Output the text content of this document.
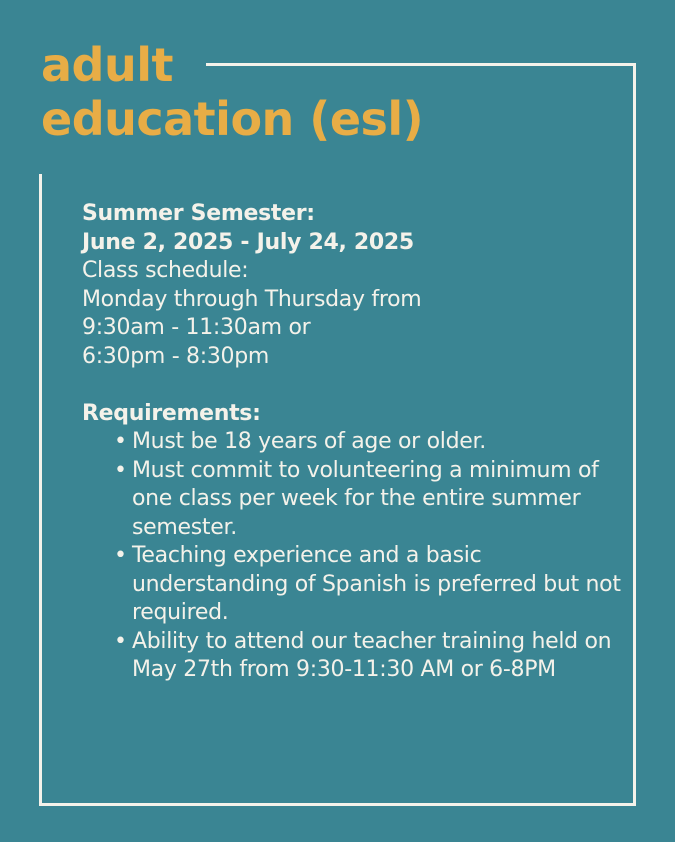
adult
education (esl)
Summer Semester:
June 2, 2025 - July 24, 2025
Class schedule:
Monday through Thursday from
9:30am - 11:30am or
6:30pm - 8:30pm
Requirements:
• Must be 18 years of age or older.
• Must commit to volunteering a minimum of one class per week for the entire summer semester.
• Teaching experience and a basic understanding of Spanish is preferred but not required.
• Ability to attend our teacher training held on May 27th from 9:30-11:30 AM or 6-8PM
